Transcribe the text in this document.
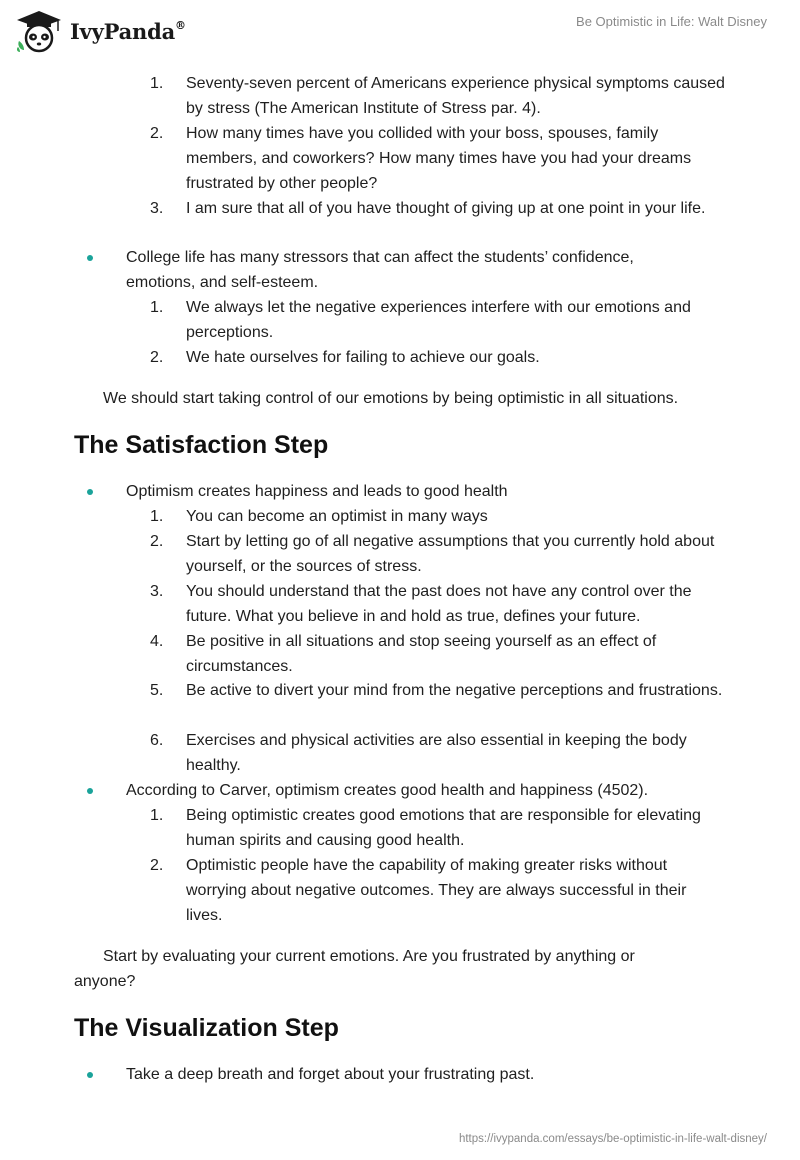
IvyPanda®	Be Optimistic in Life: Walt Disney
1.	Seventy-seven percent of Americans experience physical symptoms caused by stress (The American Institute of Stress par. 4).
2.	How many times have you collided with your boss, spouses, family members, and coworkers? How many times have you had your dreams frustrated by other people?
3.	I am sure that all of you have thought of giving up at one point in your life.
College life has many stressors that can affect the students’ confidence, emotions, and self-esteem.
1.	We always let the negative experiences interfere with our emotions and perceptions.
2.	We hate ourselves for failing to achieve our goals.
We should start taking control of our emotions by being optimistic in all situations.
The Satisfaction Step
Optimism creates happiness and leads to good health
1.	You can become an optimist in many ways
2.	Start by letting go of all negative assumptions that you currently hold about yourself, or the sources of stress.
3.	You should understand that the past does not have any control over the future. What you believe in and hold as true, defines your future.
4.	Be positive in all situations and stop seeing yourself as an effect of circumstances.
5.	Be active to divert your mind from the negative perceptions and frustrations.
6.	Exercises and physical activities are also essential in keeping the body healthy.
According to Carver, optimism creates good health and happiness (4502).
1.	Being optimistic creates good emotions that are responsible for elevating human spirits and causing good health.
2.	Optimistic people have the capability of making greater risks without worrying about negative outcomes. They are always successful in their lives.
Start by evaluating your current emotions. Are you frustrated by anything or anyone?
The Visualization Step
Take a deep breath and forget about your frustrating past.
https://ivypanda.com/essays/be-optimistic-in-life-walt-disney/
